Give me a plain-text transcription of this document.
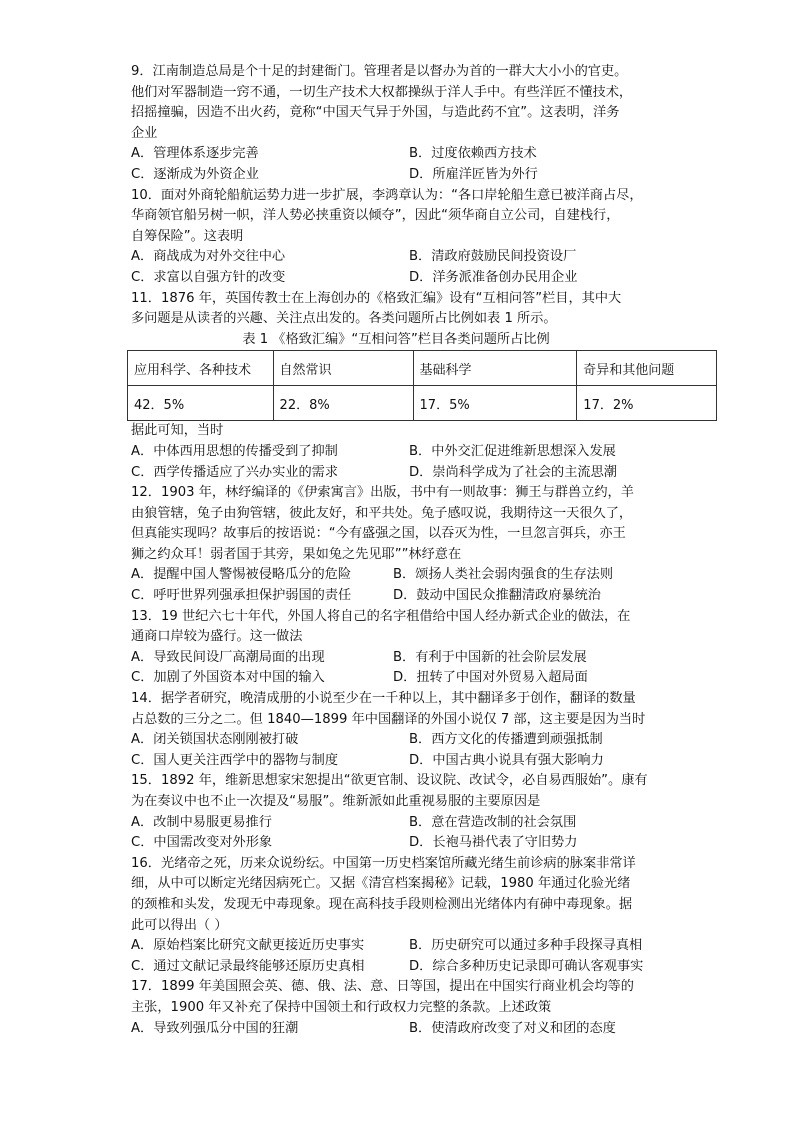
9．江南制造总局是个十足的封建衙门。管理者是以督办为首的一群大大小小的官吏。
他们对军器制造一窍不通，一切生产技术大权都操纵于洋人手中。有些洋匠不懂技术，
招摇撞骗，因造不出火药，竟称“中国天气异于外国，与造此药不宜”。这表明，洋务
企业
A．管理体系逐步完善	B．过度依赖西方技术
C．逐渐成为外资企业	D．所雇洋匠皆为外行
10．面对外商轮船航运势力进一步扩展，李鸿章认为：“各口岸轮船生意已被洋商占尽，
华商领官船另树一帜，洋人势必挟重资以倾夺”，因此“须华商自立公司，自建栈行，
自筹保险”。这表明
A．商战成为对外交往中心	B．清政府鼓励民间投资设厂
C．求富以自强方针的改变	D．洋务派准备创办民用企业
11．1876 年，英国传教士在上海创办的《格致汇编》设有“互相问答”栏目，其中大
多问题是从读者的兴趣、关注点出发的。各类问题所占比例如表 1 所示。
表 1 《格致汇编》“互相问答”栏目各类问题所占比例
应用科学、各种技术	自然常识	基础科学	奇异和其他问题
42．5%	22．8%	17．5%	17．2%
据此可知，当时
A．中体西用思想的传播受到了抑制	B．中外交汇促进维新思想深入发展
C．西学传播适应了兴办实业的需求	D．崇尚科学成为了社会的主流思潮
12．1903 年，林纾编译的《伊索寓言》出版，书中有一则故事：狮王与群兽立约，羊
由狼管辖，兔子由狗管辖，彼此友好，和平共处。兔子感叹说，我期待这一天很久了，
但真能实现吗？故事后的按语说：“今有盛强之国，以吞灭为性，一旦忽言弭兵，亦王
狮之约众耳！弱者国于其旁，果如兔之先见耶””林纾意在
A．提醒中国人警惕被侵略瓜分的危险	B．颂扬人类社会弱肉强食的生存法则
C．呼吁世界列强承担保护弱国的责任	D．鼓动中国民众推翻清政府暴统治
13．19 世纪六七十年代，外国人将自己的名字租借给中国人经办新式企业的做法，在
通商口岸较为盛行。这一做法
A．导致民间设厂高潮局面的出现	B．有利于中国新的社会阶层发展
C．加剧了外国资本对中国的输入	D．扭转了中国对外贸易入超局面
14．据学者研究，晚清成册的小说至少在一千种以上，其中翻译多于创作，翻译的数量
占总数的三分之二。但 1840—1899 年中国翻译的外国小说仅 7 部，这主要是因为当时
A．闭关锁国状态刚刚被打破	B．西方文化的传播遭到顽强抵制
C．国人更关注西学中的器物与制度	D．中国古典小说具有强大影响力
15．1892 年，维新思想家宋恕提出“欲更官制、设议院、改试令，必自易西服始”。康有
为在奏议中也不止一次提及“易服”。维新派如此重视易服的主要原因是
A．改制中易服更易推行	B．意在营造改制的社会氛围
C．中国需改变对外形象	D．长袍马褂代表了守旧势力
16．光绪帝之死，历来众说纷纭。中国第一历史档案馆所藏光绪生前诊病的脉案非常详
细，从中可以断定光绪因病死亡。又据《清宫档案揭秘》记载，1980 年通过化验光绪
的颈椎和头发，发现无中毒现象。现在高科技手段则检测出光绪体内有砷中毒现象。据
此可以得出（ ）
A．原始档案比研究文献更接近历史事实	B．历史研究可以通过多种手段探寻真相
C．通过文献记录最终能够还原历史真相	D．综合多种历史记录即可确认客观事实
17．1899 年美国照会英、德、俄、法、意、日等国，提出在中国实行商业机会均等的
主张，1900 年又补充了保持中国领土和行政权力完整的条款。上述政策
A．导致列强瓜分中国的狂潮	B．使清政府改变了对义和团的态度
